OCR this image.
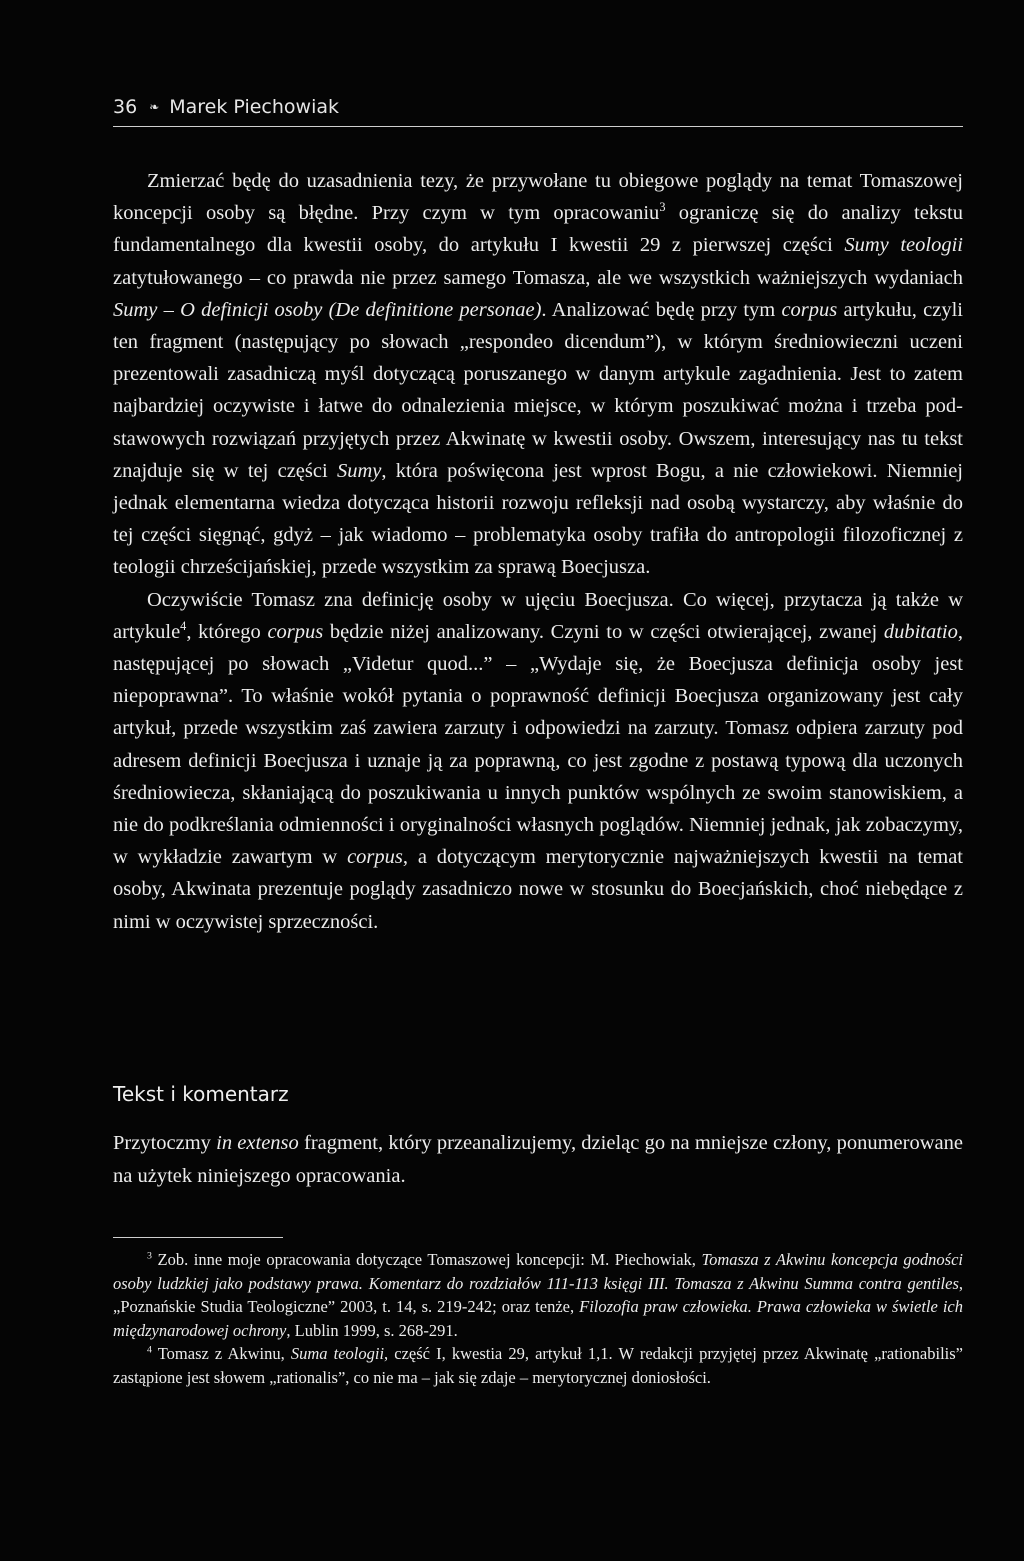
36 ❧ Marek Piechowiak

Zmierzać będę do uzasadnienia tezy, że przywołane tu obiegowe poglądy na temat Tomaszowej koncepcji osoby są błędne. Przy czym w tym opracowaniu$^3$ ograniczę się do analizy tekstu fundamentalnego dla kwestii osoby, do artykułu I kwestii 29 z pierwszej części Sumy teologii zatytułowanego – co prawda nie przez samego Tomasza, ale we wszystkich ważniejszych wydaniach Sumy – O definicji osoby (De definitione personae). Analizować będę przy tym corpus artykułu, czyli ten fragment (następujący po słowach „respondeo dicendum”), w którym średniowieczni uczeni prezentowali zasadniczą myśl dotyczącą poruszanego w danym artykule zagadnienia. Jest to zatem najbardziej oczywiste i łatwe do odnalezienia miejsce, w którym poszukiwać można i trzeba podstawowych rozwiązań przyjętych przez Akwinatę w kwestii osoby. Owszem, interesujący nas tu tekst znajduje się w tej części Sumy, która poświęcona jest wprost Bogu, a nie człowiekowi. Niemniej jednak elementarna wiedza dotycząca historii rozwoju refleksji nad osobą wystarczy, aby właśnie do tej części sięgnąć, gdyż – jak wiadomo – problematyka osoby trafiła do antropologii filozoficznej z teologii chrześcijańskiej, przede wszystkim za sprawą Boecjusza.

Oczywiście Tomasz zna definicję osoby w ujęciu Boecjusza. Co więcej, przytacza ją także w artykule$^4$, którego corpus będzie niżej analizowany. Czyni to w części otwierającej, zwanej dubitatio, następującej po słowach „Videtur quod...” – „Wydaje się, że Boecjusza definicja osoby jest niepoprawna”. To właśnie wokół pytania o poprawność definicji Boecjusza organizowany jest cały artykuł, przede wszystkim zaś zawiera zarzuty i odpowiedzi na zarzuty. Tomasz odpiera zarzuty pod adresem definicji Boecjusza i uznaje ją za poprawną, co jest zgodne z postawą typową dla uczonych średniowiecza, skłaniającą do poszukiwania u innych punktów wspólnych ze swoim stanowiskiem, a nie do podkreślania odmienności i oryginalności własnych poglądów. Niemniej jednak, jak zobaczymy, w wykładzie zawartym w corpus, a dotyczącym merytorycznie najważniejszych kwestii na temat osoby, Akwinata prezentuje poglądy zasadniczo nowe w stosunku do Boecjańskich, choć niebędące z nimi w oczywistej sprzeczności.

Tekst i komentarz

Przytoczmy in extenso fragment, który przeanalizujemy, dzieląc go na mniejsze człony, ponumerowane na użytek niniejszego opracowania.

$^3$ Zob. inne moje opracowania dotyczące Tomaszowej koncepcji: M. Piechowiak, Tomasza z Akwinu koncepcja godności osoby ludzkiej jako podstawy prawa. Komentarz do rozdziałów 111-113 księgi III. Tomasza z Akwinu Summa contra gentiles, „Poznańskie Studia Teologiczne” 2003, t. 14, s. 219-242; oraz tenże, Filozofia praw człowieka. Prawa człowieka w świetle ich międzynarodowej ochrony, Lublin 1999, s. 268-291.

$^4$ Tomasz z Akwinu, Suma teologii, część I, kwestia 29, artykuł 1,1. W redakcji przyjętej przez Akwinatę „rationabilis” zastąpione jest słowem „rationalis”, co nie ma – jak się zdaje – merytorycznej doniosłości.
